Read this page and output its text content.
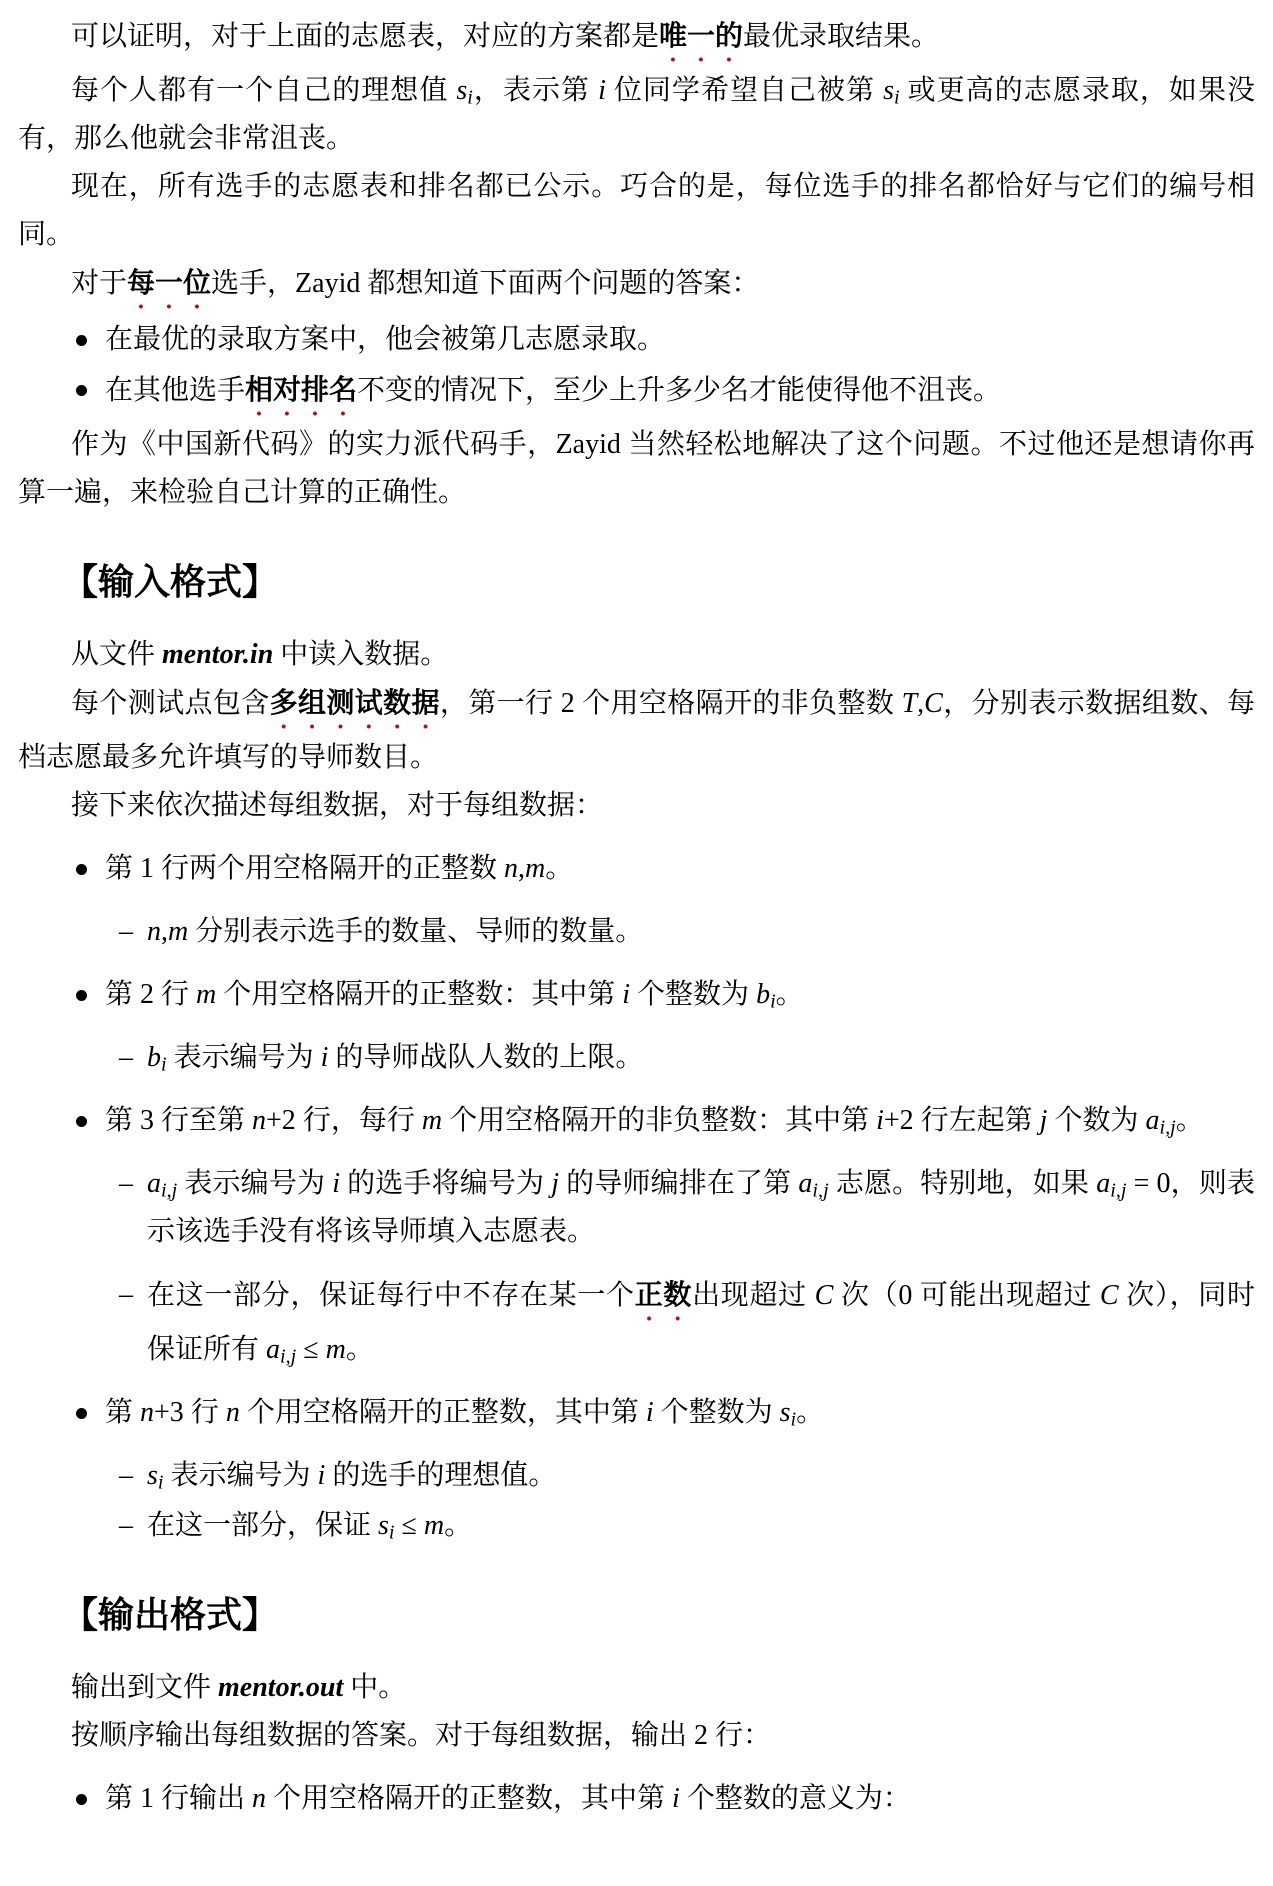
可以证明，对于上面的志愿表，对应的方案都是唯一的最优录取结果。

每个人都有一个自己的理想值 $s_i$，表示第 i 位同学希望自己被第 $s_i$ 或更高的志愿录取，如果没有，那么他就会非常沮丧。

现在，所有选手的志愿表和排名都已公示。巧合的是，每位选手的排名都恰好与它们的编号相同。

对于每一位选手，Zayid 都想知道下面两个问题的答案：

在最优的录取方案中，他会被第几志愿录取。
在其他选手相对排名不变的情况下，至少上升多少名才能使得他不沮丧。

作为《中国新代码》的实力派代码手，Zayid 当然轻松地解决了这个问题。不过他还是想请你再算一遍，来检验自己计算的正确性。

【输入格式】

从文件 mentor.in 中读入数据。

每个测试点包含多组测试数据，第一行 2 个用空格隔开的非负整数 T,C，分别表示数据组数、每档志愿最多允许填写的导师数目。

接下来依次描述每组数据，对于每组数据：

第 1 行两个用空格隔开的正整数 n,m。
– n,m 分别表示选手的数量、导师的数量。
第 2 行 m 个用空格隔开的正整数：其中第 i 个整数为 $b_i$。
– $b_i$ 表示编号为 i 的导师战队人数的上限。
第 3 行至第 n+2 行，每行 m 个用空格隔开的非负整数：其中第 i+2 行左起第 j 个数为 $a_{i,j}$。
– $a_{i,j}$ 表示编号为 i 的选手将编号为 j 的导师编排在了第 $a_{i,j}$ 志愿。特别地，如果 $a_{i,j} = 0$，则表示该选手没有将该导师填入志愿表。
– 在这一部分，保证每行中不存在某一个正数出现超过 C 次（0 可能出现超过 C 次），同时保证所有 $a_{i,j} \le m$。
第 n+3 行 n 个用空格隔开的正整数，其中第 i 个整数为 $s_i$。
– $s_i$ 表示编号为 i 的选手的理想值。
– 在这一部分，保证 $s_i \le m$。
【输出格式】

输出到文件 mentor.out 中。

按顺序输出每组数据的答案。对于每组数据，输出 2 行：

第 1 行输出 n 个用空格隔开的正整数，其中第 i 个整数的意义为：
